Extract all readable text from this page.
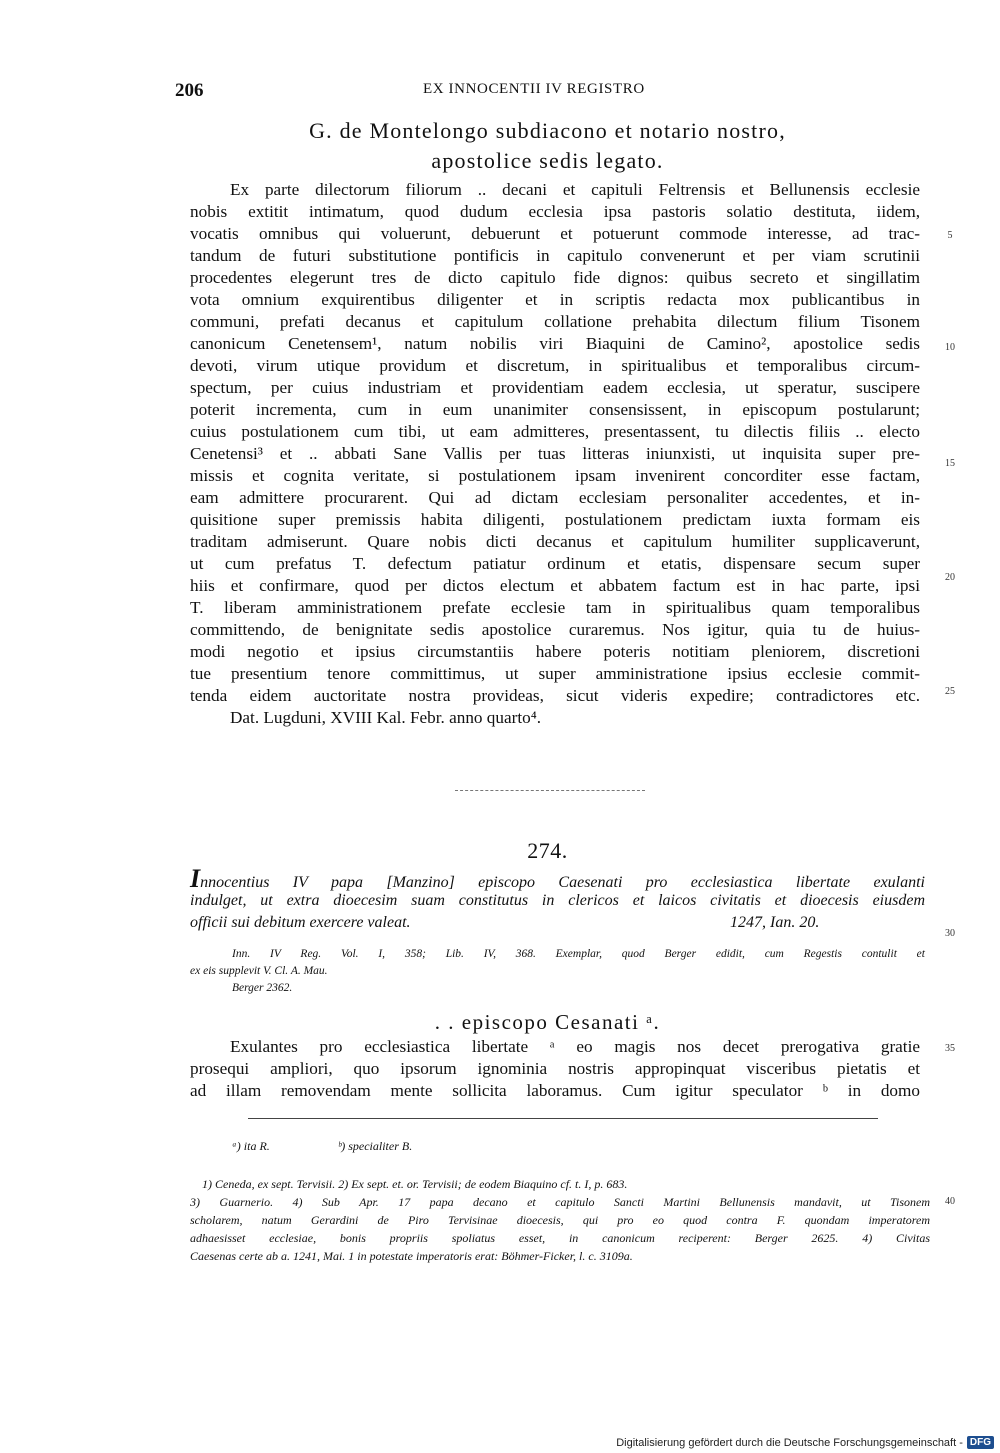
206	EX INNOCENTII IV REGISTRO
G. de Montelongo subdiacono et notario nostro,
apostolice sedis legato.
Ex parte dilectorum filiorum .. decani et capituli Feltrensis et Bellunensis ecclesie
nobis extitit intimatum, quod dudum ecclesia ipsa pastoris solatio destituta, iidem,
vocatis omnibus qui voluerunt, debuerunt et potuerunt commode interesse, ad trac-
tandum de futuri substitutione pontificis in capitulo convenerunt et per viam scrutinii
procedentes elegerunt tres de dicto capitulo fide dignos: quibus secreto et singillatim
vota omnium exquirentibus diligenter et in scriptis redacta mox publicantibus in
communi, prefati decanus et capitulum collatione prehabita dilectum filium Tisonem
canonicum Cenetensem¹, natum nobilis viri Biaquini de Camino², apostolice sedis
devoti, virum utique providum et discretum, in spiritualibus et temporalibus circum-
spectum, per cuius industriam et providentiam eadem ecclesia, ut speratur, suscipere
poterit incrementa, cum in eum unanimiter consensissent, in episcopum postularunt;
cuius postulationem cum tibi, ut eam admitteres, presentassent, tu dilectis filiis .. electo
Cenetensi³ et .. abbati Sane Vallis per tuas litteras iniunxisti, ut inquisita super pre-
missis et cognita veritate, si postulationem ipsam invenirent concorditer esse factam,
eam admittere procurarent. Qui ad dictam ecclesiam personaliter accedentes, et in-
quisitione super premissis habita diligenti, postulationem predictam iuxta formam eis
traditam admiserunt. Quare nobis dicti decanus et capitulum humiliter supplicaverunt,
ut cum prefatus T. defectum patiatur ordinum et etatis, dispensare secum super
hiis et confirmare, quod per dictos electum et abbatem factum est in hac parte, ipsi
T. liberam amministrationem prefate ecclesie tam in spiritualibus quam temporalibus
committendo, de benignitate sedis apostolice curaremus. Nos igitur, quia tu de huius-
modi negotio et ipsius circumstantiis habere poteris notitiam pleniorem, discretioni
tue presentium tenore committimus, ut super amministratione ipsius ecclesie commit-
tenda eidem auctoritate nostra provideas, sicut videris expedire; contradictores etc.
Dat. Lugduni, XVIII Kal. Febr. anno quarto⁴.
5
10
15
20
25
30
35
40
274.
Innocentius IV papa [Manzino] episcopo Caesenati pro ecclesiastica libertate exulanti
indulget, ut extra dioecesim suam constitutus in clericos et laicos civitatis et dioecesis eiusdem
officii sui debitum exercere valeat.	1247, Ian. 20.
Inn. IV Reg. Vol. I, 358; Lib. IV, 368. Exemplar, quod Berger edidit, cum Regestis contulit et
ex eis supplevit V. Cl. A. Mau.
Berger 2362.
. . episcopo Cesanati ᵃ.
Exulantes pro ecclesiastica libertate ᵃ eo magis nos decet prerogativa gratie
prosequi ampliori, quo ipsorum ignominia nostris appropinquat visceribus pietatis et
ad illam removendam mente sollicita laboramus. Cum igitur speculator ᵇ in domo
ᵃ) ita R.	ᵇ) specialiter B.
1) Ceneda, ex sept. Tervisii. 2) Ex sept. et. or. Tervisii; de eodem Biaquino cf. t. I, p. 683.
3) Guarnerio. 4) Sub Apr. 17 papa decano et capitulo Sancti Martini Bellunensis mandavit, ut Tisonem
scholarem, natum Gerardini de Piro Tervisinae dioecesis, qui pro eo quod contra F. quondam imperatorem
adhaesisset ecclesiae, bonis propriis spoliatus esset, in canonicum reciperent: Berger 2625. 4) Civitas
Caesenas certe ab a. 1241, Mai. 1 in potestate imperatoris erat: Böhmer-Ficker, l. c. 3109a.
Digitalisierung gefördert durch die Deutsche Forschungsgemeinschaft - DFG
